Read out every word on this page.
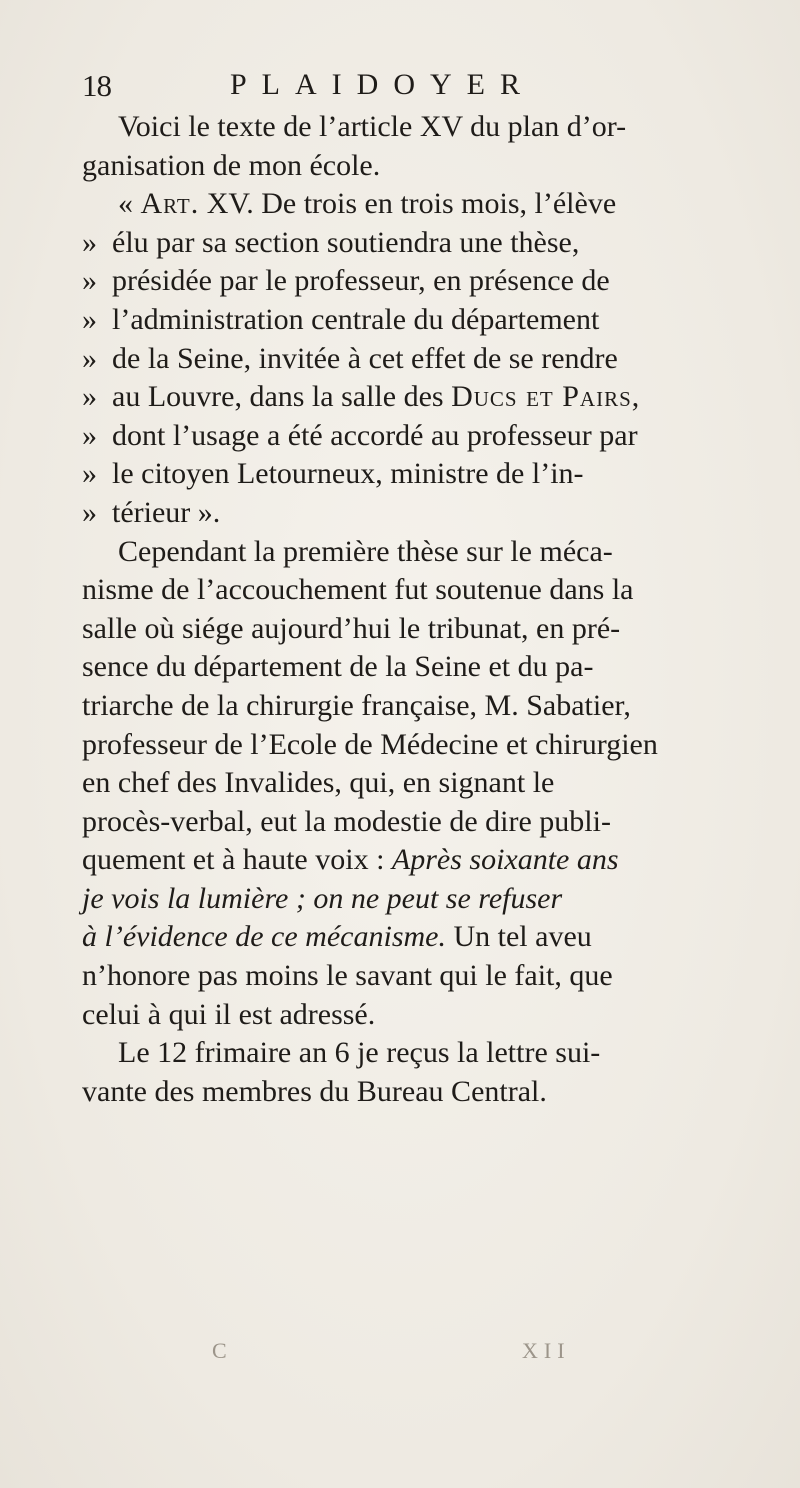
18	PLAIDOYER
Voici le texte de l’article XV du plan d’or-
ganisation de mon école.
« Art. XV. De trois en trois mois, l’élève
» élu par sa section soutiendra une thèse,
» présidée par le professeur, en présence de
» l’administration centrale du département
» de la Seine, invitée à cet effet de se rendre
» au Louvre, dans la salle des Ducs et Pairs,
» dont l’usage a été accordé au professeur par
» le citoyen Letourneux, ministre de l’in-
» térieur ».
Cependant la première thèse sur le méca-
nisme de l’accouchement fut soutenue dans la
salle où siége aujourd’hui le tribunat, en pré-
sence du département de la Seine et du pa-
triarche de la chirurgie française, M. Sabatier,
professeur de l’Ecole de Médecine et chirurgien
en chef des Invalides, qui, en signant le
procès-verbal, eut la modestie de dire publi-
quement et à haute voix : Après soixante ans
je vois la lumière ; on ne peut se refuser
à l’évidence de ce mécanisme. Un tel aveu
n’honore pas moins le savant qui le fait, que
celui à qui il est adressé.
Le 12 frimaire an 6 je reçus la lettre sui-
vante des membres du Bureau Central.
C	XII
